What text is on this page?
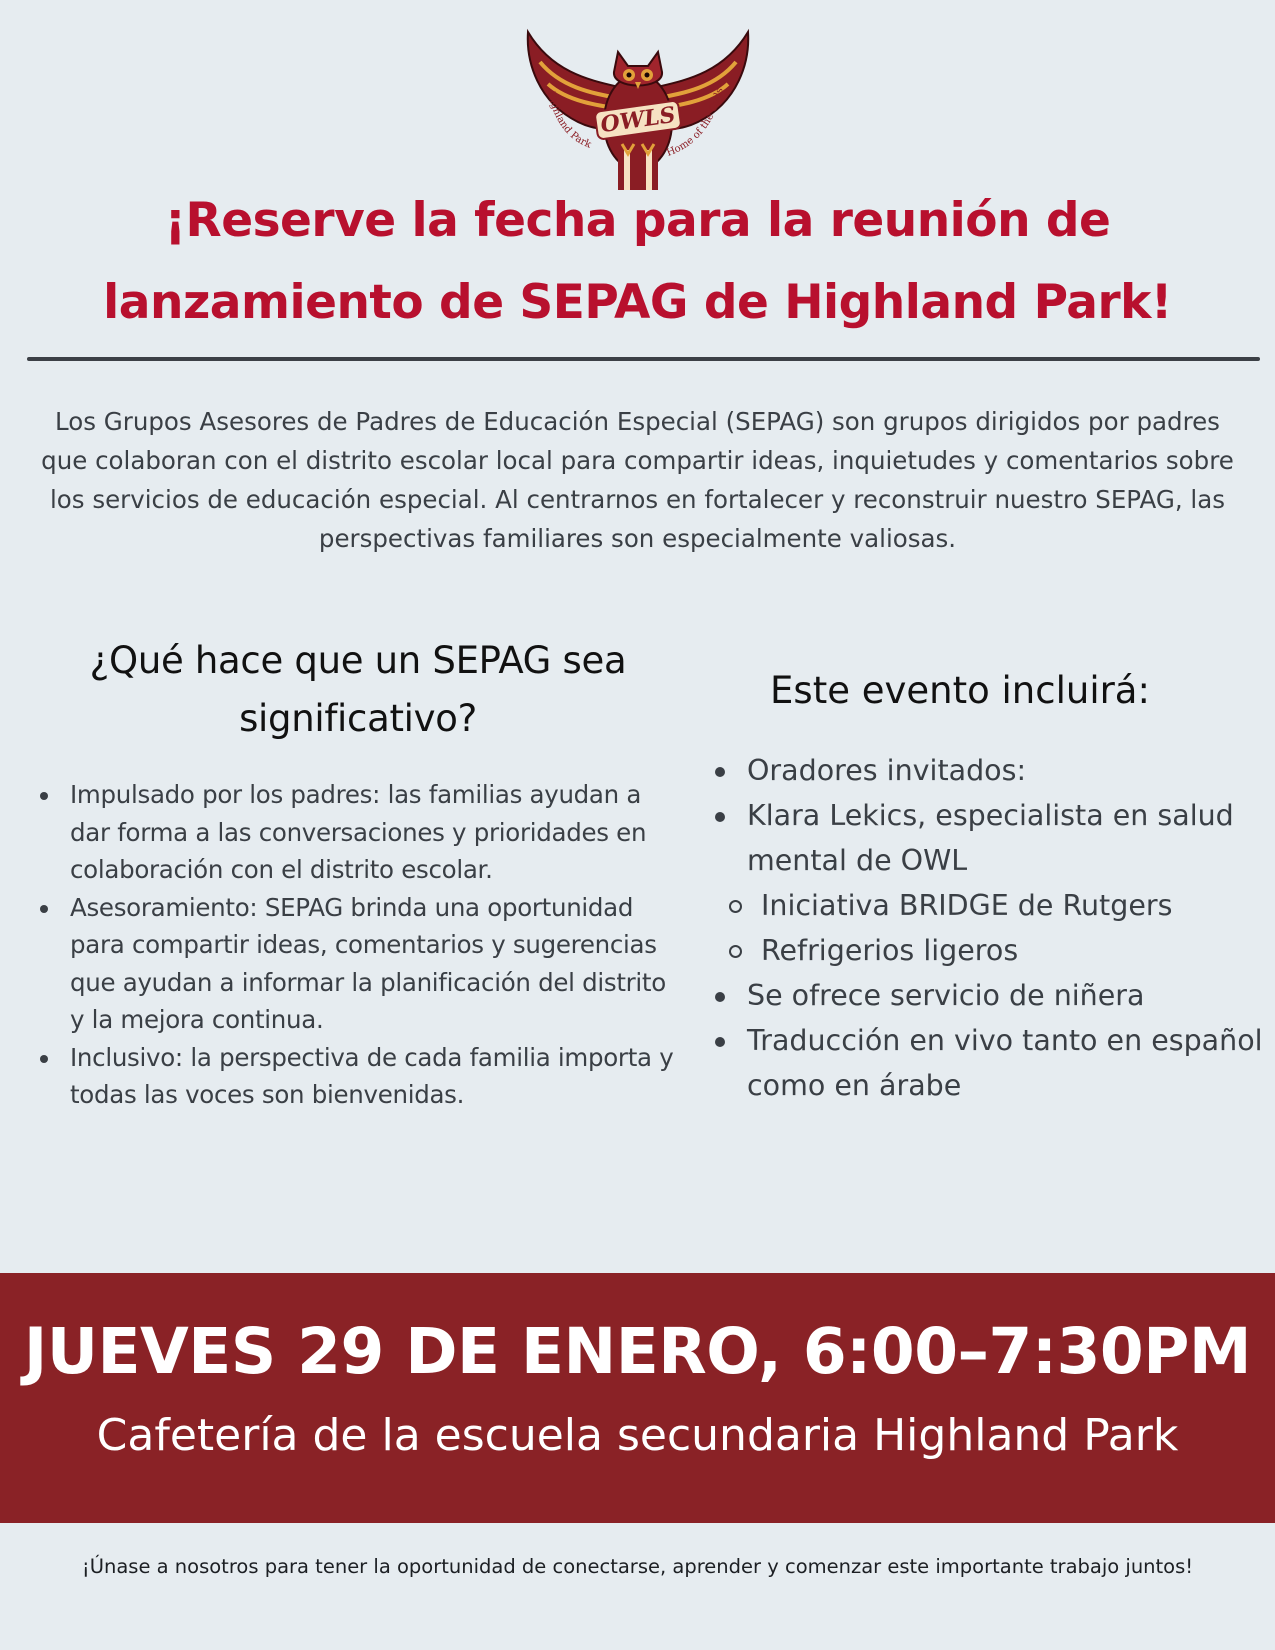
OWLS
Highland Park
Home of the Owls
¡Reserve la fecha para la reunión de
lanzamiento de SEPAG de Highland Park!

Los Grupos Asesores de Padres de Educación Especial (SEPAG) son grupos dirigidos por padres que colaboran con el distrito escolar local para compartir ideas, inquietudes y comentarios sobre los servicios de educación especial. Al centrarnos en fortalecer y reconstruir nuestro SEPAG, las perspectivas familiares son especialmente valiosas.

¿Qué hace que un SEPAG sea significativo?
Impulsado por los padres: las familias ayudan a dar forma a las conversaciones y prioridades en colaboración con el distrito escolar.
Asesoramiento: SEPAG brinda una oportunidad para compartir ideas, comentarios y sugerencias que ayudan a informar la planificación del distrito y la mejora continua.
Inclusivo: la perspectiva de cada familia importa y todas las voces son bienvenidas.
Este evento incluirá:
Oradores invitados:
Klara Lekics, especialista en salud mental de OWL
Iniciativa BRIDGE de Rutgers
Refrigerios ligeros
Se ofrece servicio de niñera
Traducción en vivo tanto en español como en árabe
JUEVES 29 DE ENERO, 6:00–7:30PM
Cafetería de la escuela secundaria Highland Park

¡Únase a nosotros para tener la oportunidad de conectarse, aprender y comenzar este importante trabajo juntos!
